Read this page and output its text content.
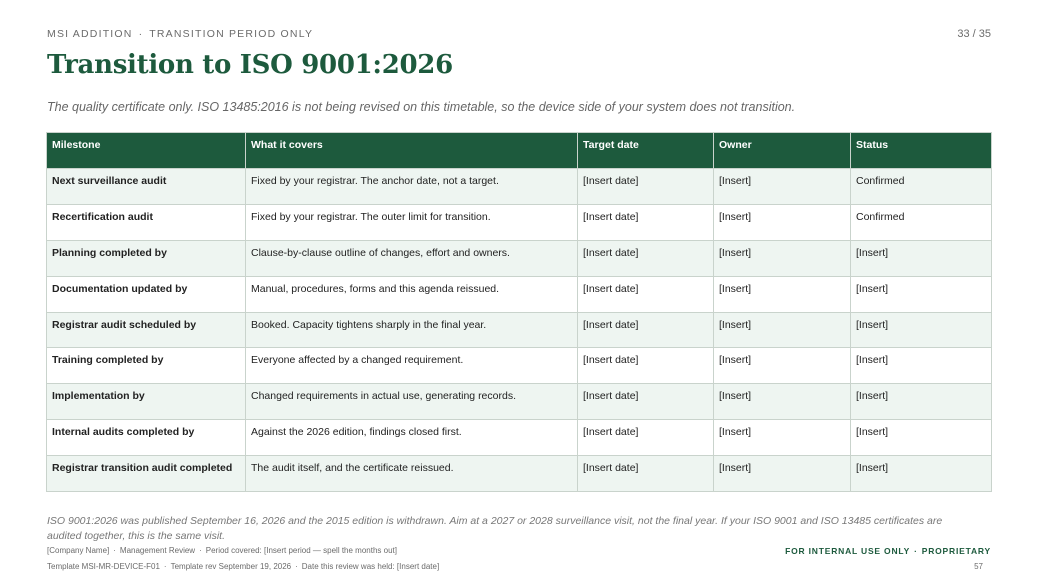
MSI ADDITION · TRANSITION PERIOD ONLY	33 / 35
Transition to ISO 9001:2026

The quality certificate only. ISO 13485:2016 is not being revised on this timetable, so the device side of your system does not transition.

Milestone	What it covers	Target date	Owner	Status
Next surveillance audit	Fixed by your registrar. The anchor date, not a target.	[Insert date]	[Insert]	Confirmed
Recertification audit	Fixed by your registrar. The outer limit for transition.	[Insert date]	[Insert]	Confirmed
Planning completed by	Clause-by-clause outline of changes, effort and owners.	[Insert date]	[Insert]	[Insert]
Documentation updated by	Manual, procedures, forms and this agenda reissued.	[Insert date]	[Insert]	[Insert]
Registrar audit scheduled by	Booked. Capacity tightens sharply in the final year.	[Insert date]	[Insert]	[Insert]
Training completed by	Everyone affected by a changed requirement.	[Insert date]	[Insert]	[Insert]
Implementation by	Changed requirements in actual use, generating records.	[Insert date]	[Insert]	[Insert]
Internal audits completed by	Against the 2026 edition, findings closed first.	[Insert date]	[Insert]	[Insert]
Registrar transition audit completed	The audit itself, and the certificate reissued.	[Insert date]	[Insert]	[Insert]

ISO 9001:2026 was published September 16, 2026 and the 2015 edition is withdrawn. Aim at a 2027 or 2028 surveillance visit, not the final year. If your ISO 9001 and ISO 13485 certificates are audited together, this is the same visit.

[Company Name] · Management Review · Period covered: [Insert period — spell the months out]
Template MSI-MR-DEVICE-F01 · Template rev September 19, 2026 · Date this review was held: [Insert date]
FOR INTERNAL USE ONLY · PROPRIETARY
57
